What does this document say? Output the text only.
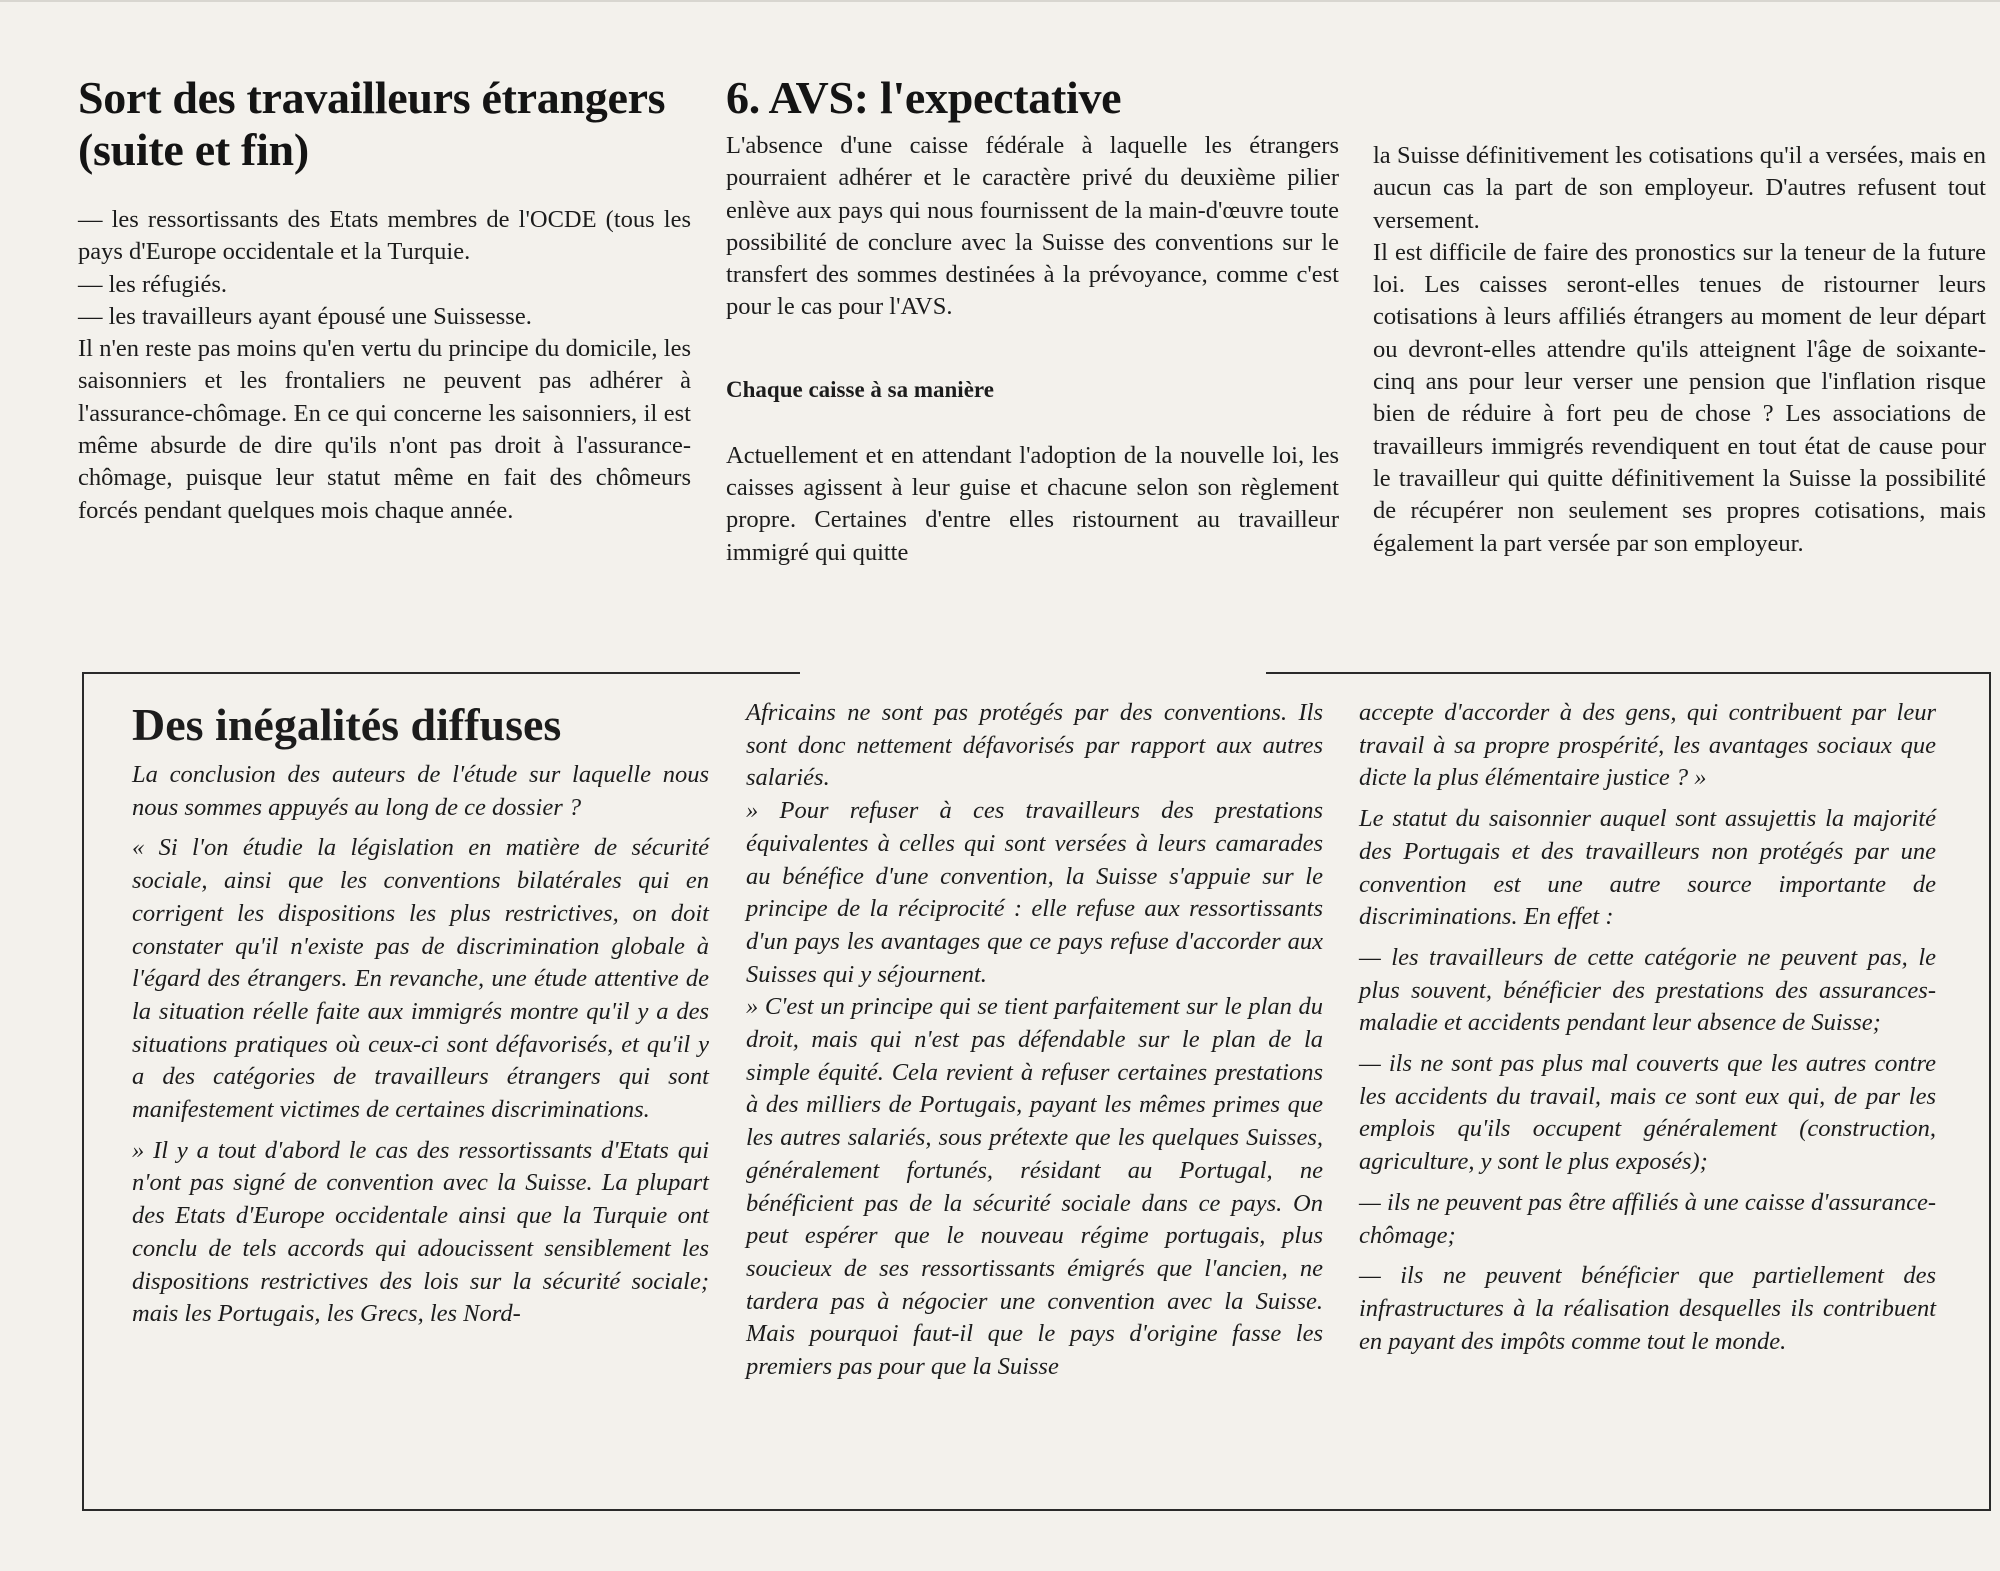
Sort des travailleurs étrangers (suite et fin)

— les ressortissants des Etats membres de l'OCDE (tous les pays d'Europe occidentale et la Turquie.

— les réfugiés.

— les travailleurs ayant épousé une Suissesse.

Il n'en reste pas moins qu'en vertu du principe du domicile, les saisonniers et les frontaliers ne peuvent pas adhérer à l'assurance-chômage. En ce qui concerne les saisonniers, il est même absurde de dire qu'ils n'ont pas droit à l'assurance-chômage, puisque leur statut même en fait des chômeurs forcés pendant quelques mois chaque année.

6. AVS: l'expectative

L'absence d'une caisse fédérale à laquelle les étrangers pourraient adhérer et le caractère privé du deuxième pilier enlève aux pays qui nous fournissent de la main-d'œuvre toute possibilité de conclure avec la Suisse des conventions sur le transfert des sommes destinées à la prévoyance, comme c'est pour le cas pour l'AVS.

Chaque caisse à sa manière

Actuellement et en attendant l'adoption de la nouvelle loi, les caisses agissent à leur guise et chacune selon son règlement propre. Certaines d'entre elles ristournent au travailleur immigré qui quitte

la Suisse définitivement les cotisations qu'il a versées, mais en aucun cas la part de son employeur. D'autres refusent tout versement.

Il est difficile de faire des pronostics sur la teneur de la future loi. Les caisses seront-elles tenues de ristourner leurs cotisations à leurs affiliés étrangers au moment de leur départ ou devront-elles attendre qu'ils atteignent l'âge de soixante-cinq ans pour leur verser une pension que l'inflation risque bien de réduire à fort peu de chose ? Les associations de travailleurs immigrés revendiquent en tout état de cause pour le travailleur qui quitte définitivement la Suisse la possibilité de récupérer non seulement ses propres cotisations, mais également la part versée par son employeur.

Des inégalités diffuses

La conclusion des auteurs de l'étude sur laquelle nous nous sommes appuyés au long de ce dossier ?

« Si l'on étudie la législation en matière de sécurité sociale, ainsi que les conventions bilatérales qui en corrigent les dispositions les plus restrictives, on doit constater qu'il n'existe pas de discrimination globale à l'égard des étrangers. En revanche, une étude attentive de la situation réelle faite aux immigrés montre qu'il y a des situations pratiques où ceux-ci sont défavorisés, et qu'il y a des catégories de travailleurs étrangers qui sont manifestement victimes de certaines discriminations.

» Il y a tout d'abord le cas des ressortissants d'Etats qui n'ont pas signé de convention avec la Suisse. La plupart des Etats d'Europe occidentale ainsi que la Turquie ont conclu de tels accords qui adoucissent sensiblement les dispositions restrictives des lois sur la sécurité sociale; mais les Portugais, les Grecs, les Nord-

Africains ne sont pas protégés par des conventions. Ils sont donc nettement défavorisés par rapport aux autres salariés.

» Pour refuser à ces travailleurs des prestations équivalentes à celles qui sont versées à leurs camarades au bénéfice d'une convention, la Suisse s'appuie sur le principe de la réciprocité : elle refuse aux ressortissants d'un pays les avantages que ce pays refuse d'accorder aux Suisses qui y séjournent.

» C'est un principe qui se tient parfaitement sur le plan du droit, mais qui n'est pas défendable sur le plan de la simple équité. Cela revient à refuser certaines prestations à des milliers de Portugais, payant les mêmes primes que les autres salariés, sous prétexte que les quelques Suisses, généralement fortunés, résidant au Portugal, ne bénéficient pas de la sécurité sociale dans ce pays. On peut espérer que le nouveau régime portugais, plus soucieux de ses ressortissants émigrés que l'ancien, ne tardera pas à négocier une convention avec la Suisse. Mais pourquoi faut-il que le pays d'origine fasse les premiers pas pour que la Suisse

accepte d'accorder à des gens, qui contribuent par leur travail à sa propre prospérité, les avantages sociaux que dicte la plus élémentaire justice ? »

Le statut du saisonnier auquel sont assujettis la majorité des Portugais et des travailleurs non protégés par une convention est une autre source importante de discriminations. En effet :

— les travailleurs de cette catégorie ne peuvent pas, le plus souvent, bénéficier des prestations des assurances-maladie et accidents pendant leur absence de Suisse;

— ils ne sont pas plus mal couverts que les autres contre les accidents du travail, mais ce sont eux qui, de par les emplois qu'ils occupent généralement (construction, agriculture, y sont le plus exposés);

— ils ne peuvent pas être affiliés à une caisse d'assurance-chômage;

— ils ne peuvent bénéficier que partiellement des infrastructures à la réalisation desquelles ils contribuent en payant des impôts comme tout le monde.
